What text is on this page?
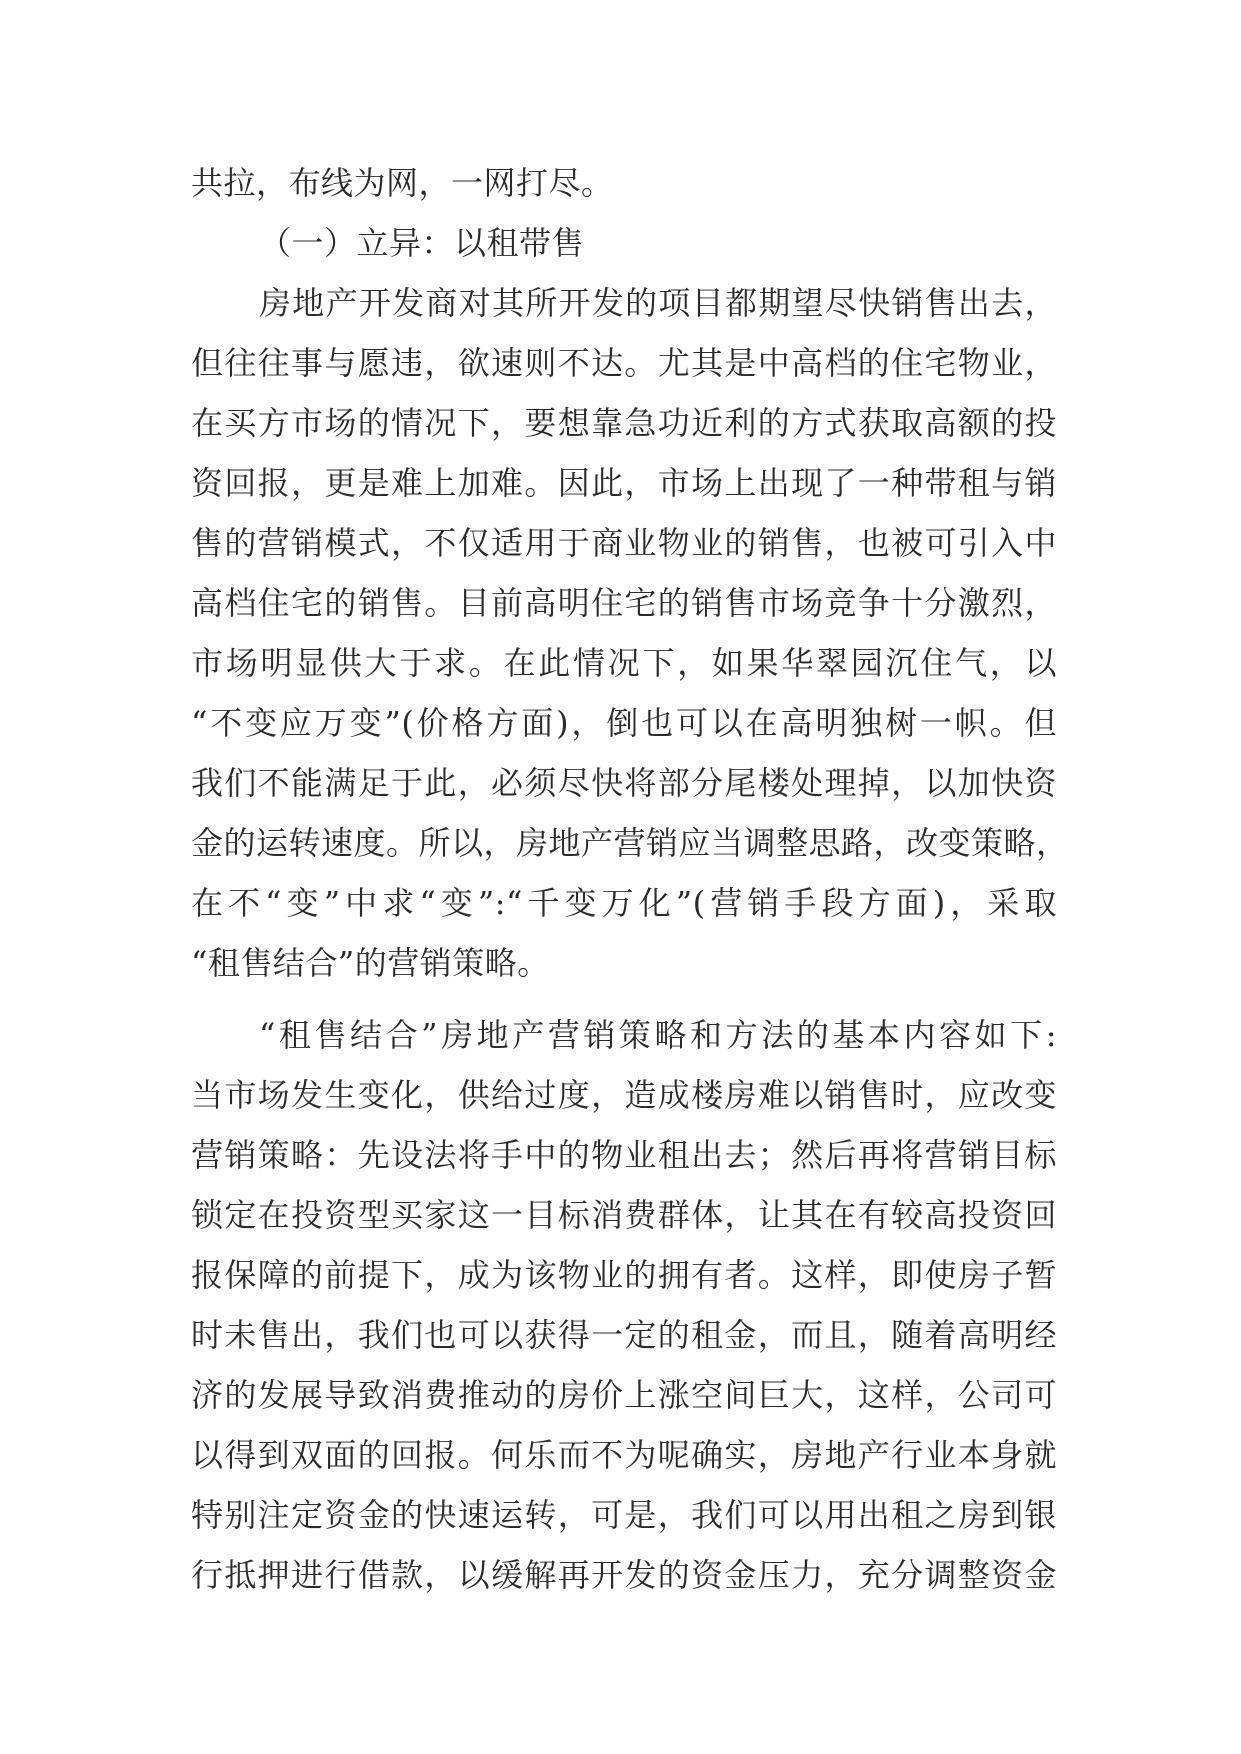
共拉，布线为网，一网打尽。
（一）立异：以租带售
房地产开发商对其所开发的项目都期望尽快销售出去，
但往往事与愿违，欲速则不达。尤其是中高档的住宅物业，
在买方市场的情况下，要想靠急功近利的方式获取高额的投
资回报，更是难上加难。因此，市场上出现了一种带租与销
售的营销模式，不仅适用于商业物业的销售，也被可引入中
高档住宅的销售。目前高明住宅的销售市场竞争十分激烈，
市场明显供大于求。在此情况下，如果华翠园沉住气，以
“不变应万变”(价格方面)，倒也可以在高明独树一帜。但
我们不能满足于此，必须尽快将部分尾楼处理掉，以加快资
金的运转速度。所以，房地产营销应当调整思路，改变策略，
在不“变”中求“变”:“千变万化”(营销手段方面)，采取
“租售结合”的营销策略。
“租售结合”房地产营销策略和方法的基本内容如下:
当市场发生变化，供给过度，造成楼房难以销售时，应改变
营销策略：先设法将手中的物业租出去；然后再将营销目标
锁定在投资型买家这一目标消费群体，让其在有较高投资回
报保障的前提下，成为该物业的拥有者。这样，即使房子暂
时未售出，我们也可以获得一定的租金，而且，随着高明经
济的发展导致消费推动的房价上涨空间巨大，这样，公司可
以得到双面的回报。何乐而不为呢确实，房地产行业本身就
特别注定资金的快速运转，可是，我们可以用出租之房到银
行抵押进行借款，以缓解再开发的资金压力，充分调整资金
